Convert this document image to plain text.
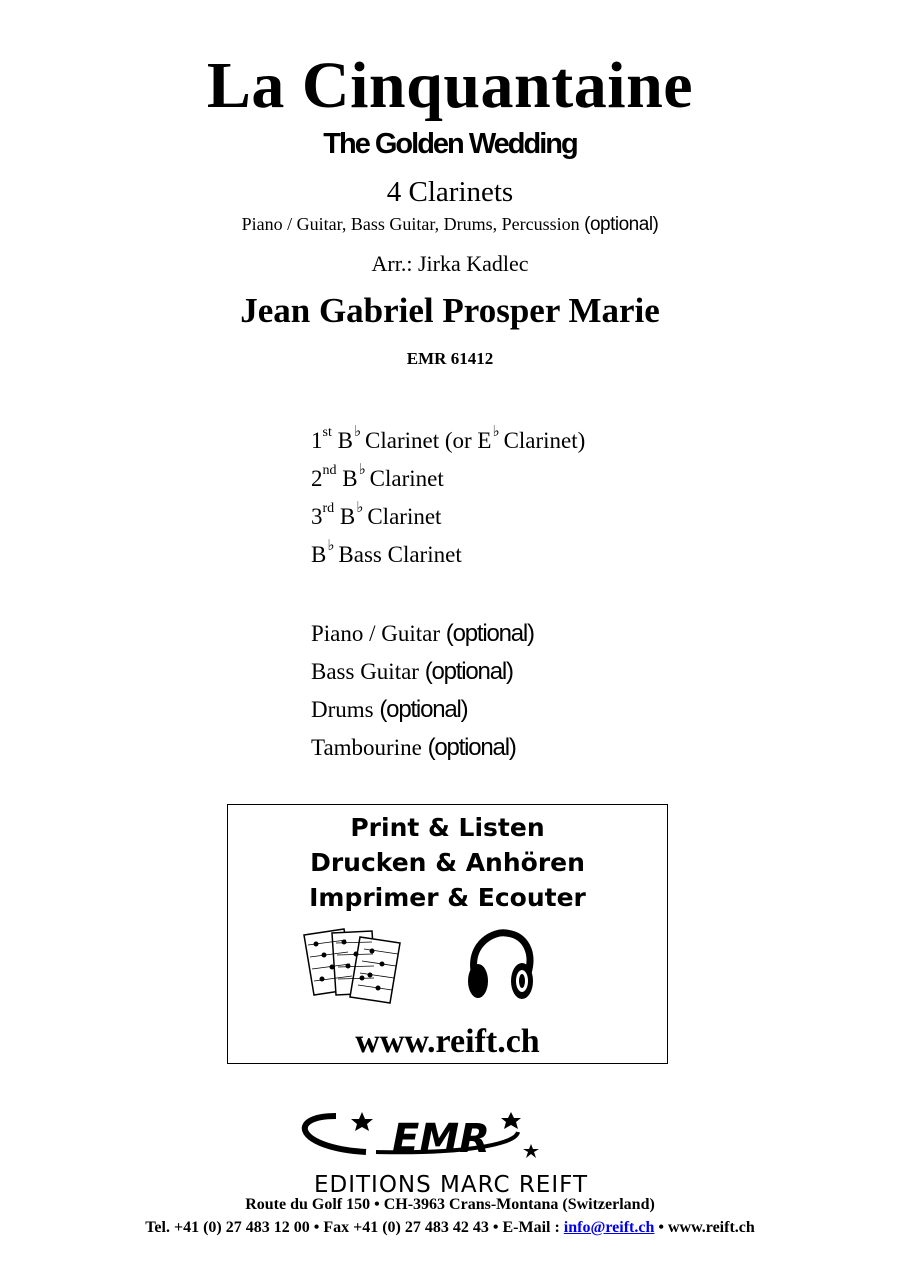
La Cinquantaine
The Golden Wedding
4 Clarinets
Piano / Guitar, Bass Guitar, Drums, Percussion (optional)
Arr.: Jirka Kadlec
Jean Gabriel Prosper Marie
EMR 61412
1st B♭ Clarinet (or E♭ Clarinet)
2nd B♭ Clarinet
3rd B♭ Clarinet
B♭ Bass Clarinet
Piano / Guitar (optional)
Bass Guitar (optional)
Drums (optional)
Tambourine (optional)
Print & Listen
Drucken & Anhören
Imprimer & Ecouter
www.reift.ch
EMR
EDITIONS MARC REIFT
Route du Golf 150 • CH-3963 Crans-Montana (Switzerland)
Tel. +41 (0) 27 483 12 00 • Fax +41 (0) 27 483 42 43 • E-Mail : info@reift.ch • www.reift.ch
